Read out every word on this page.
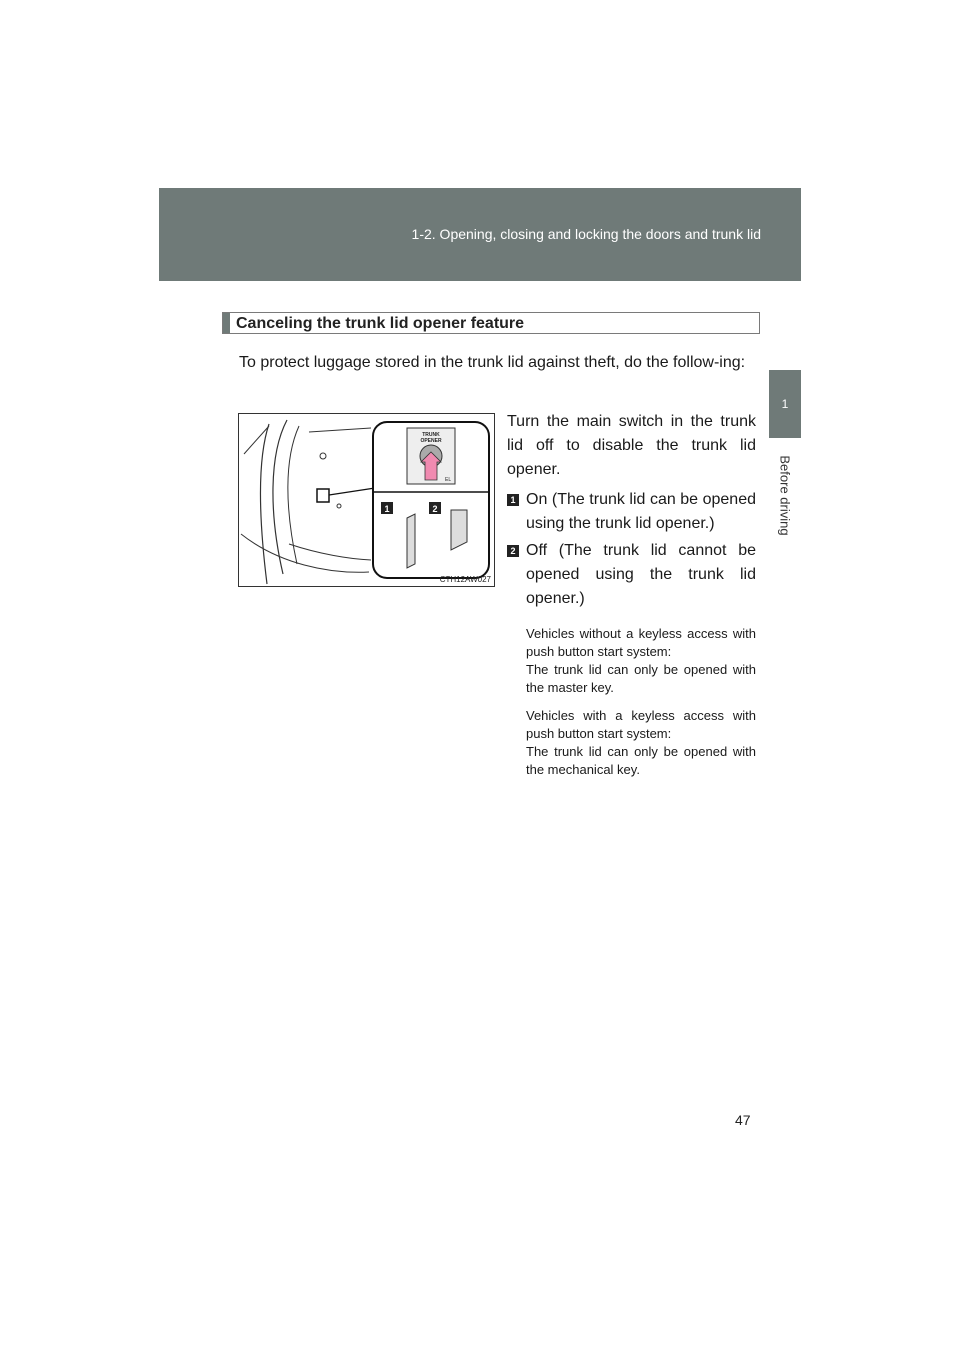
1-2. Opening, closing and locking the doors and trunk lid
1
Before driving
Canceling the trunk lid opener feature

To protect luggage stored in the trunk lid against theft, do the follow-ing:

1	2
TRUNK
OPENER
EL
CTH12AW027

Turn the main switch in the trunk lid off to disable the trunk lid opener.

1 On (The trunk lid can be opened using the trunk lid opener.)
2 Off (The trunk lid cannot be opened using the trunk lid opener.)

Vehicles without a keyless access with push button start system:

The trunk lid can only be opened with the master key.

Vehicles with a keyless access with push button start system:

The trunk lid can only be opened with the mechanical key.

47
